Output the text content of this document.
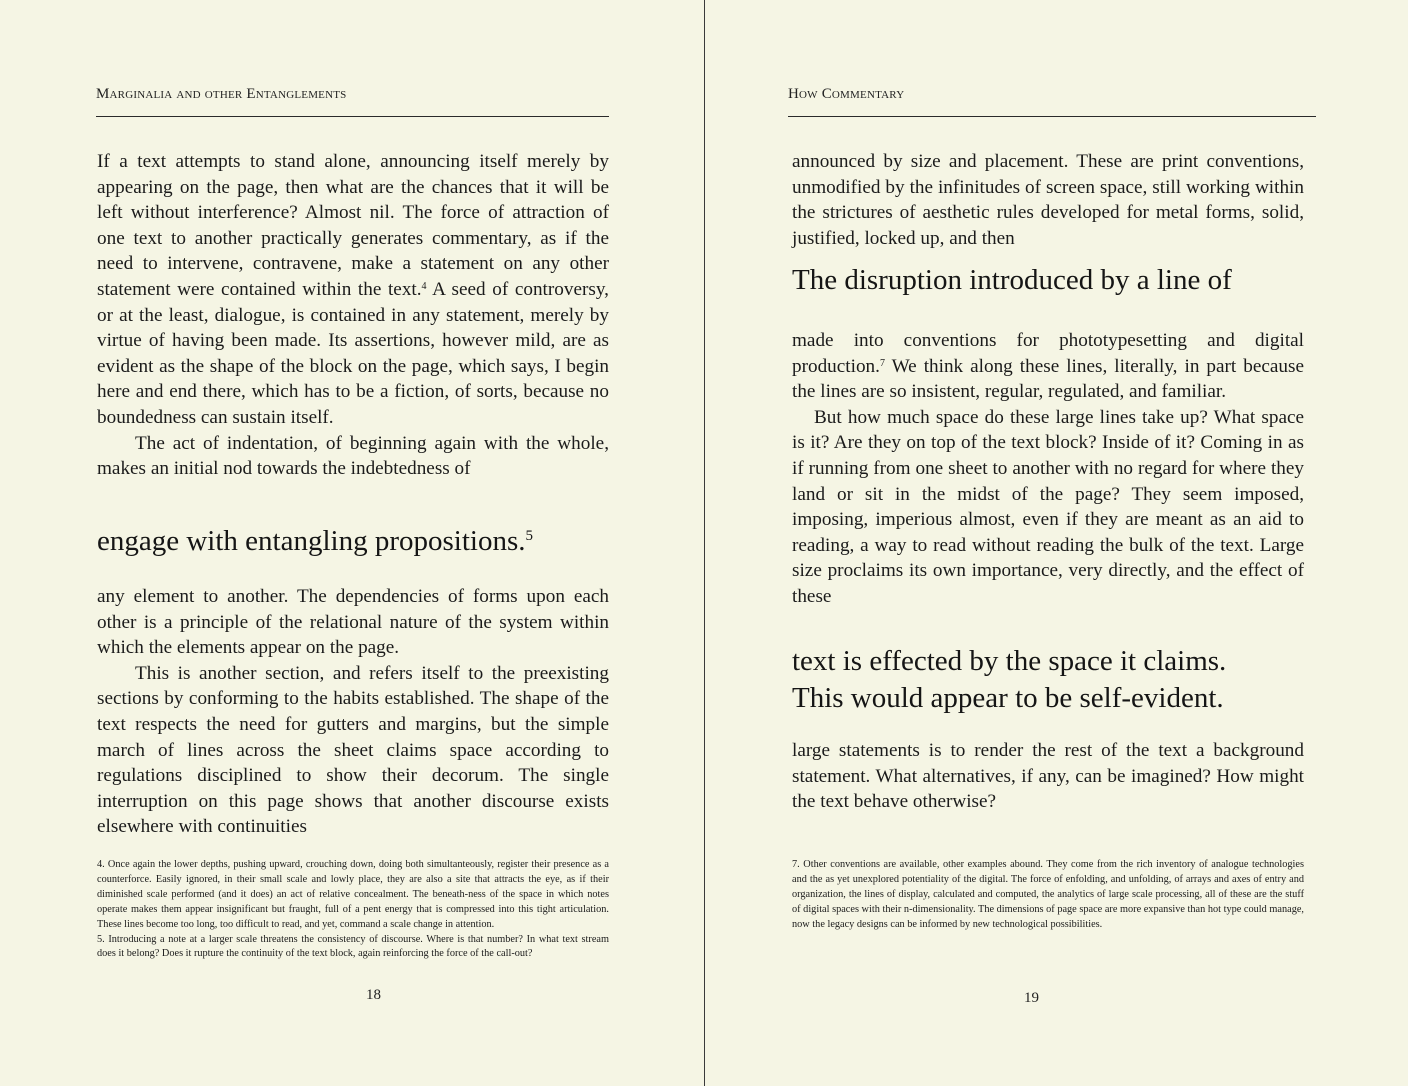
Marginalia and other Entanglements

If a text attempts to stand alone, announcing itself merely by appearing on the page, then what are the chances that it will be left without interference? Almost nil. The force of attraction of one text to another practically generates commentary, as if the need to intervene, contravene, make a statement on any other statement were contained within the text.$^4$ A seed of controversy, or at the least, dialogue, is contained in any statement, merely by virtue of having been made. Its assertions, however mild, are as evident as the shape of the block on the page, which says, I begin here and end there, which has to be a fiction, of sorts, because no boundedness can sustain itself.

The act of indentation, of beginning again with the whole, makes an initial nod towards the indebtedness of

engage with entangling propositions.$^5$

any element to another. The dependencies of forms upon each other is a principle of the relational nature of the system within which the elements appear on the page.

This is another section, and refers itself to the preexisting sections by conforming to the habits established. The shape of the text respects the need for gutters and margins, but the simple march of lines across the sheet claims space according to regulations disciplined to show their decorum. The single interruption on this page shows that another discourse exists elsewhere with continuities

4. Once again the lower depths, pushing upward, crouching down, doing both simultanteously, register their presence as a counterforce. Easily ignored, in their small scale and lowly place, they are also a site that attracts the eye, as if their diminished scale performed (and it does) an act of relative concealment. The beneath-ness of the space in which notes operate makes them appear insignificant but fraught, full of a pent energy that is compressed into this tight articulation. These lines become too long, too difficult to read, and yet, command a scale change in attention.

5. Introducing a note at a larger scale threatens the consistency of discourse. Where is that number? In what text stream does it belong? Does it rupture the continuity of the text block, again reinforcing the force of the call-out?

18
How Commentary

announced by size and placement. These are print conventions, unmodified by the infinitudes of screen space, still working within the strictures of aesthetic rules developed for metal forms, solid, justified, locked up, and then

The disruption introduced by a line of

made into conventions for phototypesetting and digital production.$^7$ We think along these lines, literally, in part because the lines are so insistent, regular, regulated, and familiar.

But how much space do these large lines take up? What space is it? Are they on top of the text block? Inside of it? Coming in as if running from one sheet to another with no regard for where they land or sit in the midst of the page? They seem imposed, imposing, imperious almost, even if they are meant as an aid to reading, a way to read without reading the bulk of the text. Large size proclaims its own importance, very directly, and the effect of these

text is effected by the space it claims.
This would appear to be self-evident.

large statements is to render the rest of the text a background statement. What alternatives, if any, can be imagined? How might the text behave otherwise?

7. Other conventions are available, other examples abound. They come from the rich inventory of analogue technologies and the as yet unexplored potentiality of the digital. The force of enfolding, and unfolding, of arrays and axes of entry and organization, the lines of display, calculated and computed, the analytics of large scale processing, all of these are the stuff of digital spaces with their n-dimensionality. The dimensions of page space are more expansive than hot type could manage, now the legacy designs can be informed by new technological possibilities.

19
